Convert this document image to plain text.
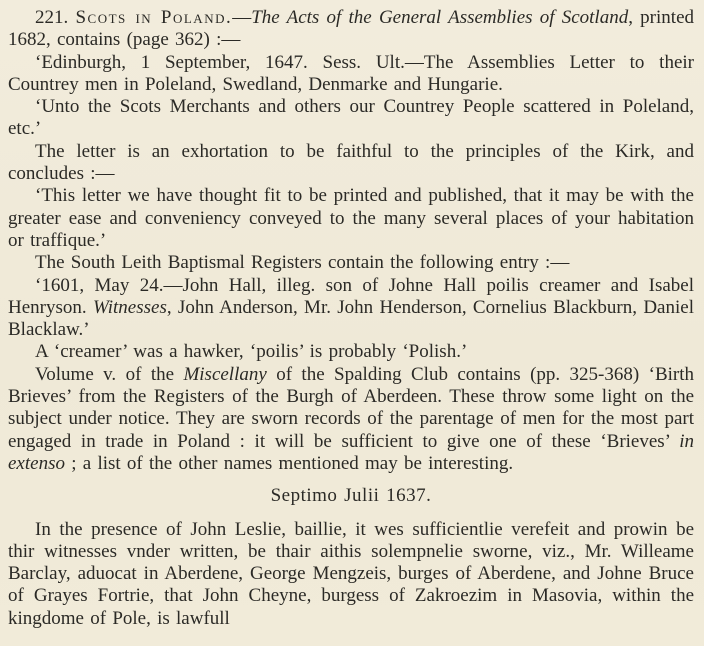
221. Scots in Poland.—The Acts of the General Assemblies of Scotland, printed 1682, contains (page 362) :—

‘Edinburgh, 1 September, 1647. Sess. Ult.—The Assemblies Letter to their Countrey men in Poleland, Swedland, Denmarke and Hungarie.

‘Unto the Scots Merchants and others our Countrey People scattered in Poleland, etc.’

The letter is an exhortation to be faithful to the principles of the Kirk, and concludes :—

‘This letter we have thought fit to be printed and published, that it may be with the greater ease and conveniency conveyed to the many several places of your habitation or traffique.’

The South Leith Baptismal Registers contain the following entry :—

‘1601, May 24.—John Hall, illeg. son of Johne Hall poilis creamer and Isabel Henryson. Witnesses, John Anderson, Mr. John Henderson, Cornelius Blackburn, Daniel Blacklaw.’

A ‘creamer’ was a hawker, ‘poilis’ is probably ‘Polish.’

Volume v. of the Miscellany of the Spalding Club contains (pp. 325-368) ‘Birth Brieves’ from the Registers of the Burgh of Aberdeen. These throw some light on the subject under notice. They are sworn records of the parentage of men for the most part engaged in trade in Poland : it will be sufficient to give one of these ‘Brieves’ in extenso ; a list of the other names mentioned may be interesting.

Septimo Julii 1637.

In the presence of John Leslie, baillie, it wes sufficientlie verefeit and prowin be thir witnesses vnder written, be thair aithis solempnelie sworne, viz., Mr. Willeame Barclay, aduocat in Aberdene, George Mengzeis, burges of Aberdene, and Johne Bruce of Grayes Fortrie, that John Cheyne, burgess of Zakroezim in Masovia, within the kingdome of Pole, is lawfull
